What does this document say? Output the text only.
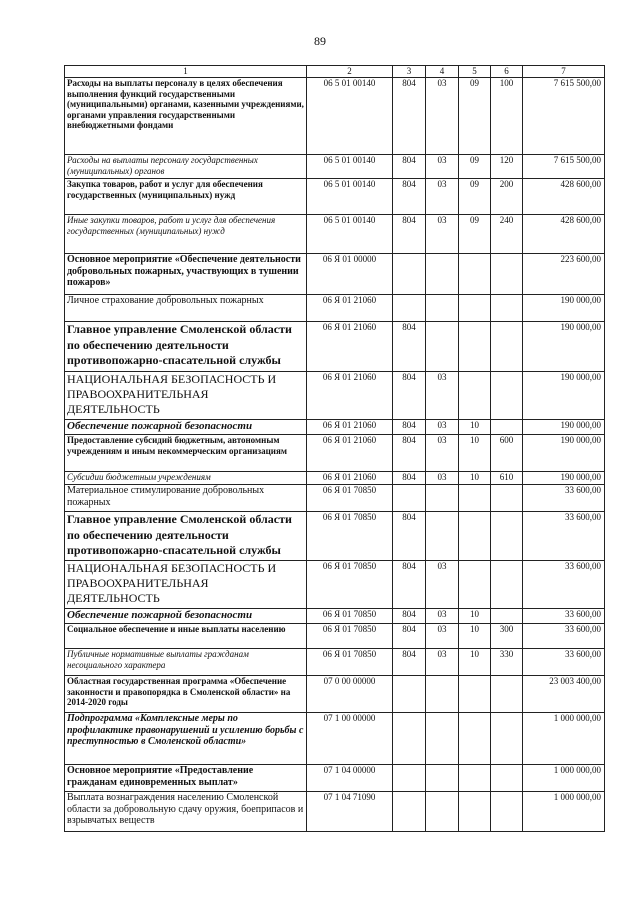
89
1	2	3	4	5	6	7
Расходы на выплаты персоналу в целях обеспечения выполнения функций государственными (муниципальными) органами, казенными учреждениями, органами управления государственными внебюджетными фондами	06 5 01 00140	804	03	09	100	7 615 500,00
Расходы на выплаты персоналу государственных (муниципальных) органов	06 5 01 00140	804	03	09	120	7 615 500,00
Закупка товаров, работ и услуг для обеспечения государственных (муниципальных) нужд	06 5 01 00140	804	03	09	200	428 600,00
Иные закупки товаров, работ и услуг для обеспечения государственных (муниципальных) нужд	06 5 01 00140	804	03	09	240	428 600,00
Основное мероприятие «Обеспечение деятельности добровольных пожарных, участвующих в тушении пожаров»	06 Я 01 00000					223 600,00
Личное страхование добровольных пожарных	06 Я 01 21060					190 000,00
Главное управление Смоленской области по обеспечению деятельности противопожарно-спасательной службы	06 Я 01 21060	804				190 000,00
НАЦИОНАЛЬНАЯ БЕЗОПАСНОСТЬ И ПРАВООХРАНИТЕЛЬНАЯ ДЕЯТЕЛЬНОСТЬ	06 Я 01 21060	804	03			190 000,00
Обеспечение пожарной безопасности	06 Я 01 21060	804	03	10		190 000,00
Предоставление субсидий бюджетным, автономным учреждениям и иным некоммерческим организациям	06 Я 01 21060	804	03	10	600	190 000,00
Субсидии бюджетным учреждениям	06 Я 01 21060	804	03	10	610	190 000,00
Материальное стимулирование добровольных пожарных	06 Я 01 70850					33 600,00
Главное управление Смоленской области по обеспечению деятельности противопожарно-спасательной службы	06 Я 01 70850	804				33 600,00
НАЦИОНАЛЬНАЯ БЕЗОПАСНОСТЬ И ПРАВООХРАНИТЕЛЬНАЯ ДЕЯТЕЛЬНОСТЬ	06 Я 01 70850	804	03			33 600,00
Обеспечение пожарной безопасности	06 Я 01 70850	804	03	10		33 600,00
Социальное обеспечение и иные выплаты населению	06 Я 01 70850	804	03	10	300	33 600,00
Публичные нормативные выплаты гражданам несоциального характера	06 Я 01 70850	804	03	10	330	33 600,00
Областная государственная программа «Обеспечение законности и правопорядка в Смоленской области» на 2014-2020 годы	07 0 00 00000					23 003 400,00
Подпрограмма «Комплексные меры по профилактике правонарушений и усилению борьбы с преступностью в Смоленской области»	07 1 00 00000					1 000 000,00
Основное мероприятие «Предоставление гражданам единовременных выплат»	07 1 04 00000					1 000 000,00
Выплата вознаграждения населению Смоленской области за добровольную сдачу оружия, боеприпасов и взрывчатых веществ	07 1 04 71090					1 000 000,00
